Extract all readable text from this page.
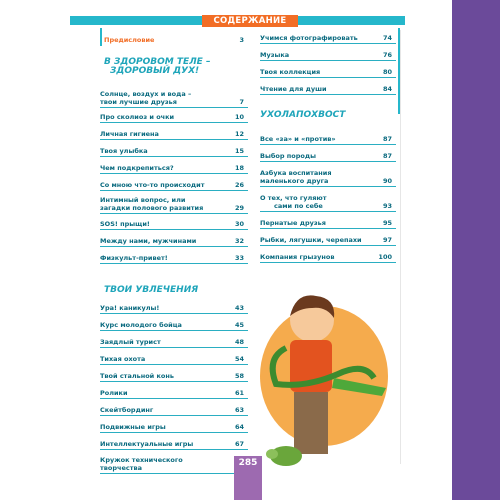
СОДЕРЖАНИЕ
Предисловие	3
В ЗДОРОВОМ ТЕЛЕ –
ЗДОРОВЫЙ ДУХ!
Солнце, воздух и вода –
твои лучшие друзья	7
Про сколиоз и очки	10
Личная гигиена	12
Твоя улыбка	15
Чем подкрепиться?	18
Со мною что-то происходит	26
Интимный вопрос, или
загадки полового развития	29
SOS! прыщи!	30
Между нами, мужчинами	32
Физкульт-привет!	33
ТВОИ УВЛЕЧЕНИЯ
Ура! каникулы!	43
Курс молодого бойца	45
Заядлый турист	48
Тихая охота	54
Твой стальной конь	58
Ролики	61
Скейтбординг	63
Подвижные игры	64
Интеллектуальные игры	67
Кружок технического
творчества
Учимся фотографировать	74
Музыка	76
Твоя коллекция	80
Чтение для души	84
УХОЛАПОХВОСТ
Все «за» и «против»	87
Выбор породы	87
Азбука воспитания
маленького друга	90
О тех, что гуляют
сами по себе	93
Пернатые друзья	95
Рыбки, лягушки, черепахи	97
Компания грызунов	100
285
